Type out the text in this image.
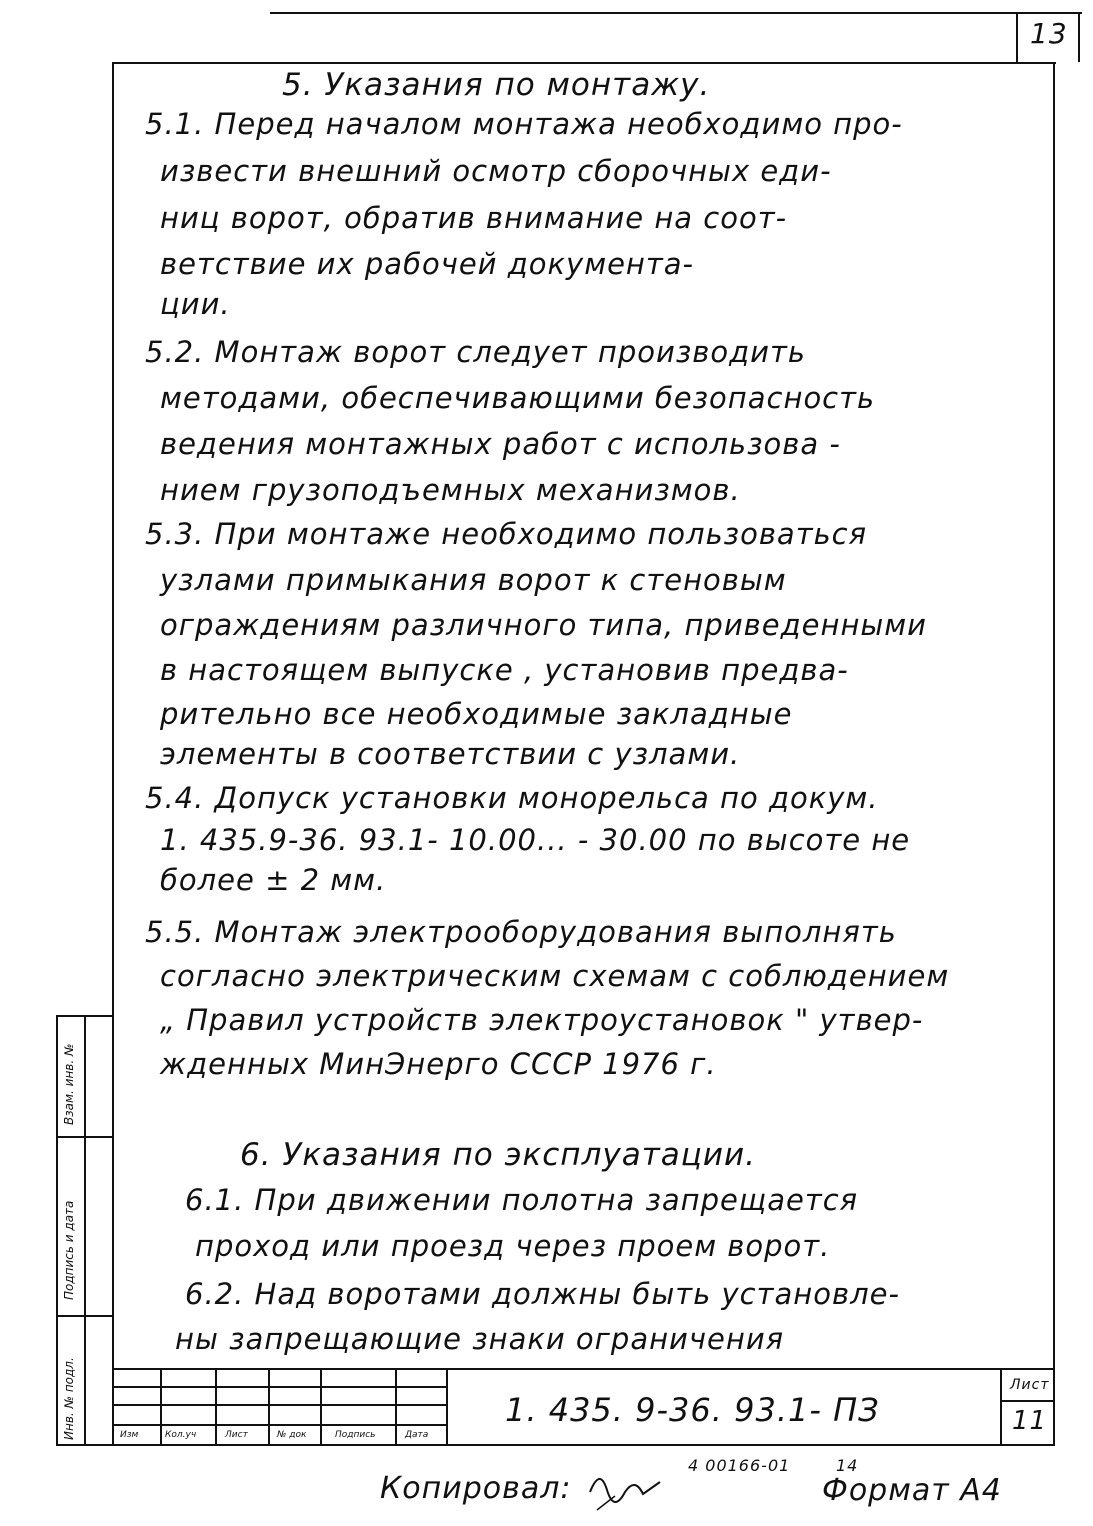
13
Инв. № подл.
Подпись и дата
Взам. инв. №
5. Указания по монтажу.
5.1. Перед началом монтажа необходимо про-
извести внешний осмотр сборочных еди-
ниц ворот, обратив внимание на соот-
ветствие их рабочей документа-
ции.
5.2. Монтаж ворот следует производить
методами, обеспечивающими безопасность
ведения монтажных работ с использова -
нием грузоподъемных механизмов.
5.3. При монтаже необходимо пользоваться
узлами примыкания ворот к стеновым
ограждениям различного типа, приведенными
в настоящем выпуске , установив предва-
рительно все необходимые закладные
элементы в соответствии с узлами.
5.4. Допуск установки монорельса по докум.
1. 435.9-36. 93.1- 10.00... - 30.00 по высоте не
более ± 2 мм.
5.5. Монтаж электрооборудования выполнять
согласно электрическим схемам с соблюдением
„ Правил устройств электроустановок " утвер-
жденных МинЭнерго СССР 1976 г.
6. Указания по эксплуатации.
6.1. При движении полотна запрещается
проход или проезд через проем ворот.
6.2. Над воротами должны быть установле-
ны запрещающие знаки ограничения
Изм	Кол.уч	Лист	№ док	Подпись	Дата
1. 435. 9-36. 93.1- ПЗ
Лист
11
Копировал:
4 00166-01	14
Формат А4
